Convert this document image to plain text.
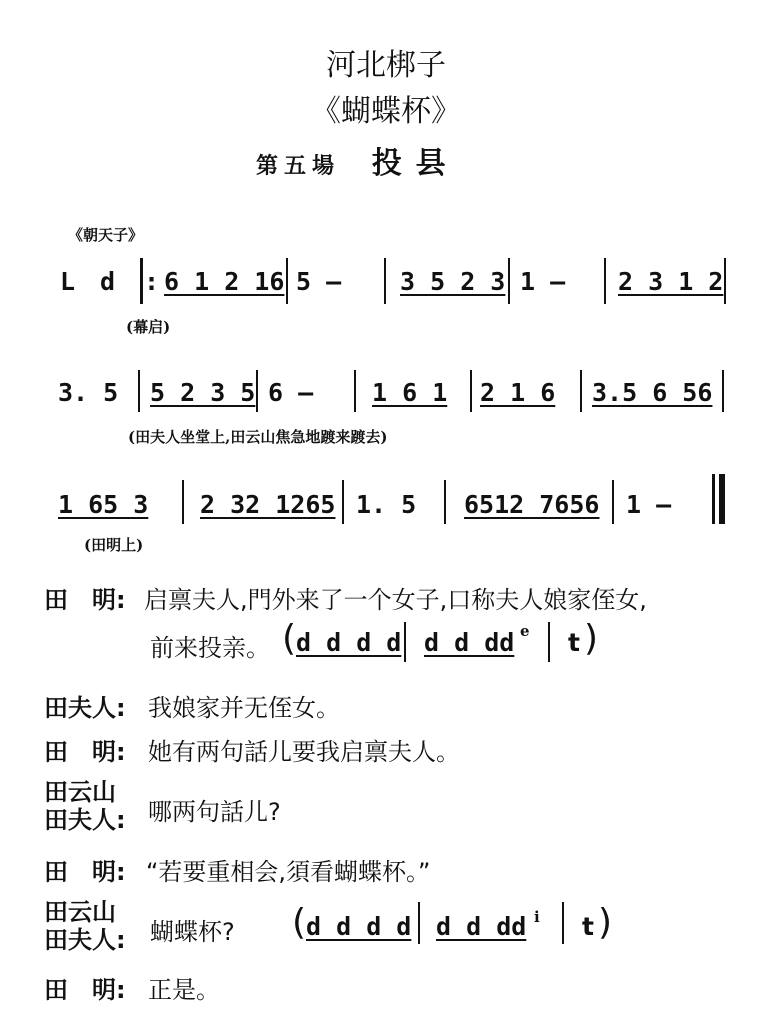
河北梆子
《蝴蝶杯》
第五場 投县
《朝天子》
L d : 6 1 2 16 5 – 3 5 2 3 1 – 2 3 1 2
(幕启)
3. 5 5 2 3 5 6 – 1 6 1 2 1 6 3.5 6 56
(田夫人坐堂上,田云山焦急地踱来踱去)
1 65 3 2 32 1265 1. 5 6512 7656 1 –
(田明上)
田　明: 启禀夫人,門外来了一个女子,口称夫人娘家侄女,
前来投亲。 ( d d d d d d dd e t )
田夫人: 我娘家并无侄女。
田　明: 她有两句話儿要我启禀夫人。
田云山
田夫人: 哪两句話儿?
田　明: “若要重相会,須看蝴蝶杯。”
田云山
田夫人: 蝴蝶杯? ( d d d d d d dd i t )
田　明: 正是。
